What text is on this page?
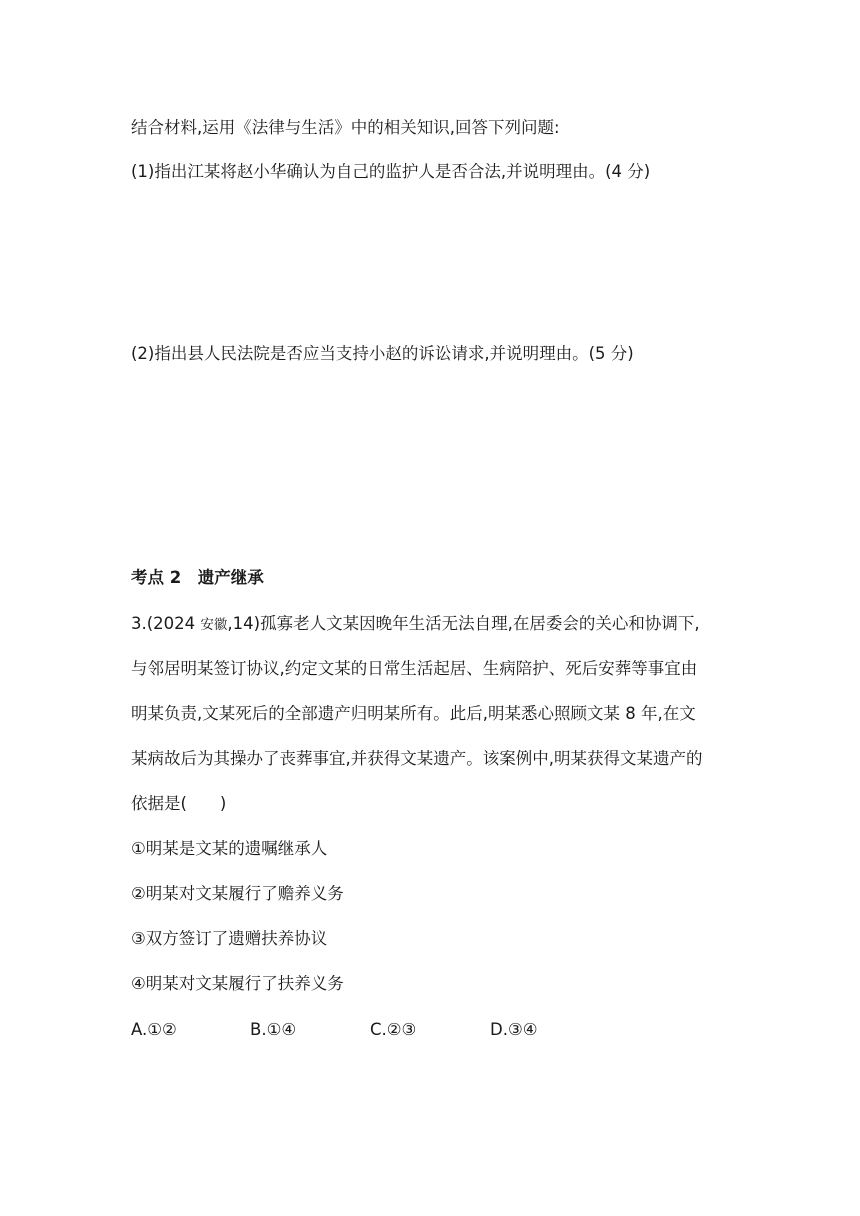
结合材料,运用《法律与生活》中的相关知识,回答下列问题:
(1)指出江某将赵小华确认为自己的监护人是否合法,并说明理由。(4 分)
(2)指出县人民法院是否应当支持小赵的诉讼请求,并说明理由。(5 分)
考点 2　遗产继承
3.(2024 安徽,14)孤寡老人文某因晚年生活无法自理,在居委会的关心和协调下,
与邻居明某签订协议,约定文某的日常生活起居、生病陪护、死后安葬等事宜由
明某负责,文某死后的全部遗产归明某所有。此后,明某悉心照顾文某 8 年,在文
某病故后为其操办了丧葬事宜,并获得文某遗产。该案例中,明某获得文某遗产的
依据是(　　)
①明某是文某的遗嘱继承人
②明某对文某履行了赡养义务
③双方签订了遗赠扶养协议
④明某对文某履行了扶养义务
A.①②	B.①④	C.②③	D.③④
